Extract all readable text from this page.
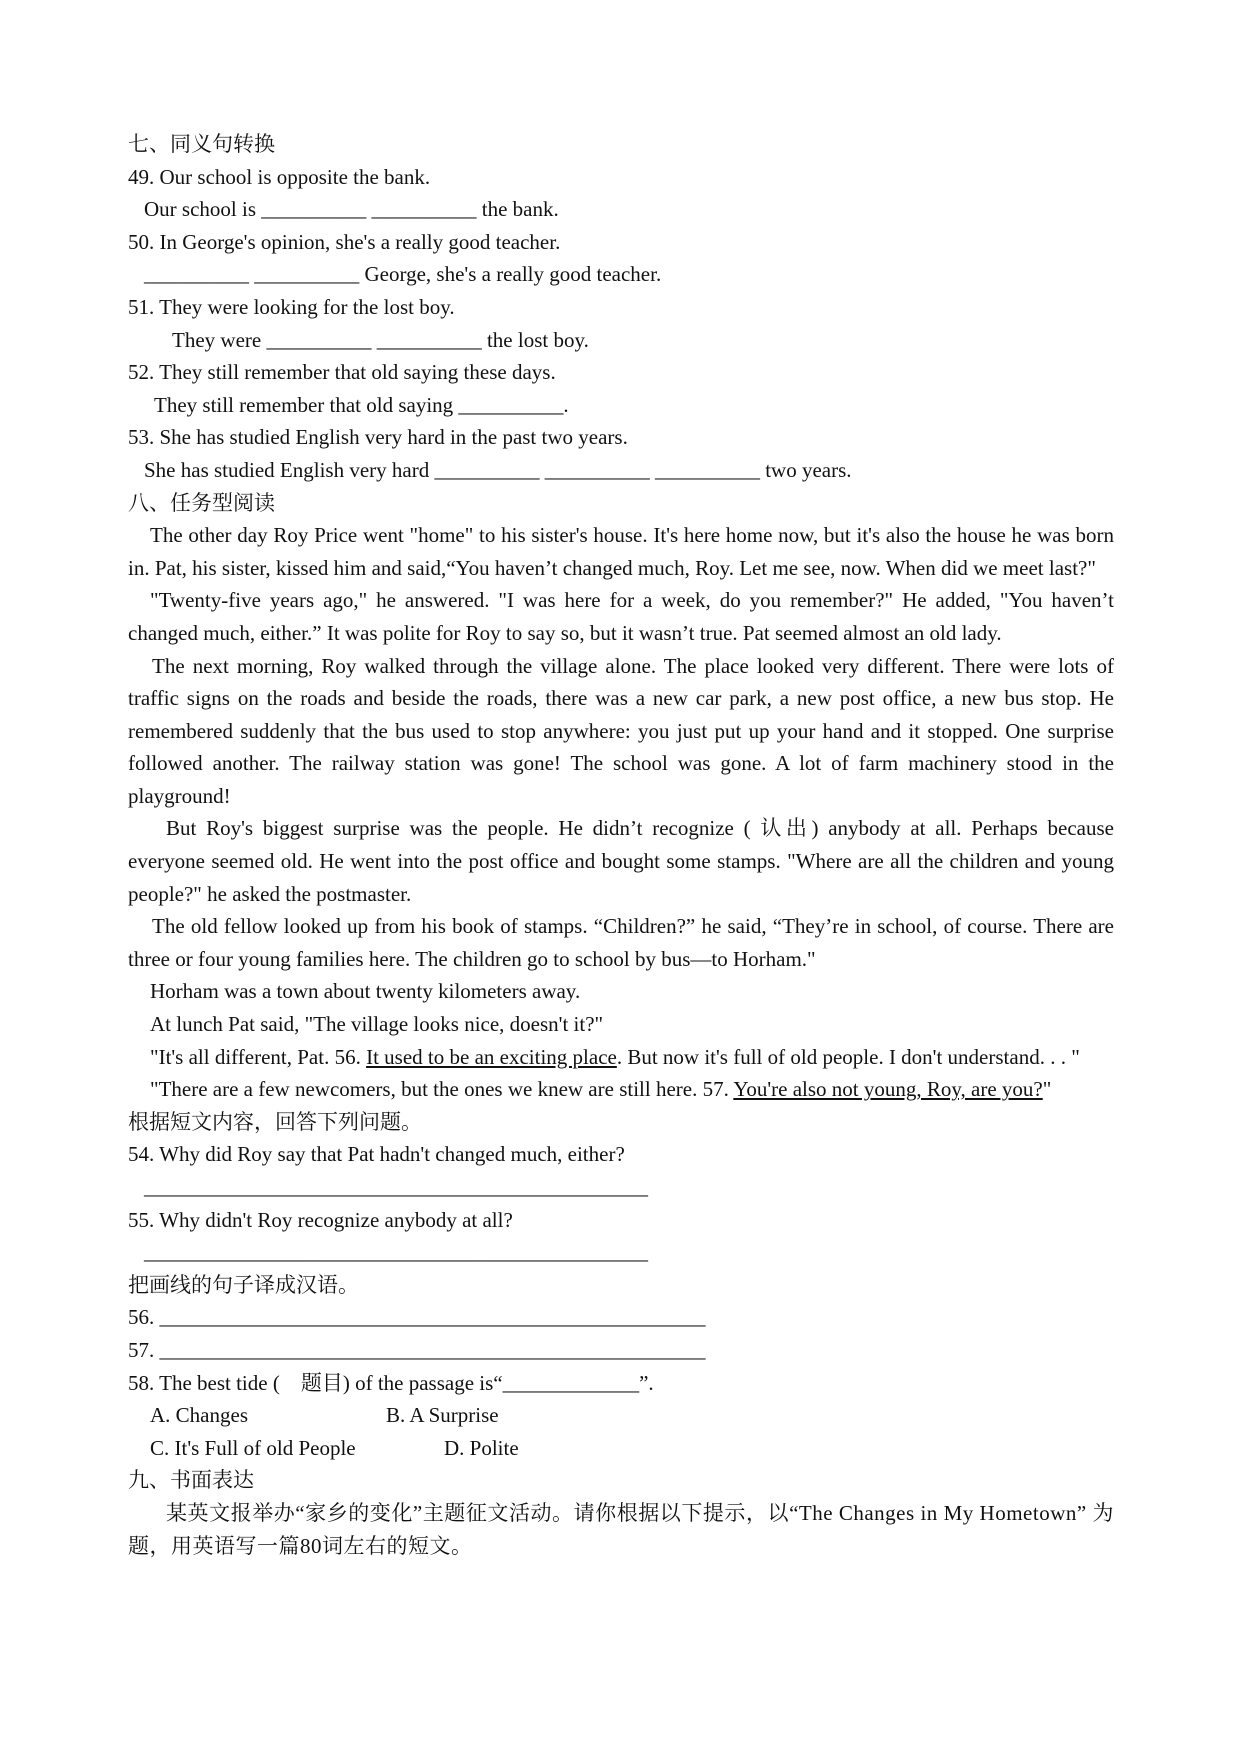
七、同义句转换
49. Our school is opposite the bank.
Our school is __________ __________ the bank.
50. In George's opinion, she's a really good teacher.
__________ __________ George, she's a really good teacher.
51. They were looking for the lost boy.
They were __________ __________ the lost boy.
52. They still remember that old saying these days.
They still remember that old saying __________.
53. She has studied English very hard in the past two years.
She has studied English very hard __________ __________ __________ two years.
八、任务型阅读
The other day Roy Price went "home" to his sister's house. It's here home now, but it's also the house he was born in. Pat, his sister, kissed him and said,“You haven’t changed much, Roy. Let me see, now. When did we meet last?"
"Twenty-five years ago," he answered. "I was here for a week, do you remember?" He added, "You haven’t changed much, either.” It was polite for Roy to say so, but it wasn’t true. Pat seemed almost an old lady.
The next morning, Roy walked through the village alone. The place looked very different. There were lots of traffic signs on the roads and beside the roads, there was a new car park, a new post office, a new bus stop. He remembered suddenly that the bus used to stop anywhere: you just put up your hand and it stopped. One surprise followed another. The railway station was gone! The school was gone. A lot of farm machinery stood in the playground!
But Roy's biggest surprise was the people. He didn’t recognize ( 认出) anybody at all. Perhaps because everyone seemed old. He went into the post office and bought some stamps. "Where are all the children and young people?" he asked the postmaster.
The old fellow looked up from his book of stamps. “Children?” he said, “They’re in school, of course. There are three or four young families here. The children go to school by bus—to Horham."
Horham was a town about twenty kilometers away.
At lunch Pat said, "The village looks nice, doesn't it?"
"It's all different, Pat. 56. It used to be an exciting place. But now it's full of old people. I don't understand. . . "
"There are a few newcomers, but the ones we knew are still here. 57. You're also not young, Roy, are you?"
根据短文内容，回答下列问题。
54. Why did Roy say that Pat hadn't changed much, either?
________________________________________________
55. Why didn't Roy recognize anybody at all?
________________________________________________
把画线的句子译成汉语。
56. ____________________________________________________
57. ____________________________________________________
58. The best tide (　题目) of the passage is“_____________”.
A. Changes	B. A Surprise
C. It's Full of old People	D. Polite
九、书面表达
某英文报举办“家乡的变化”主题征文活动。请你根据以下提示，以“The Changes in My Hometown” 为题，用英语写一篇80词左右的短文。
